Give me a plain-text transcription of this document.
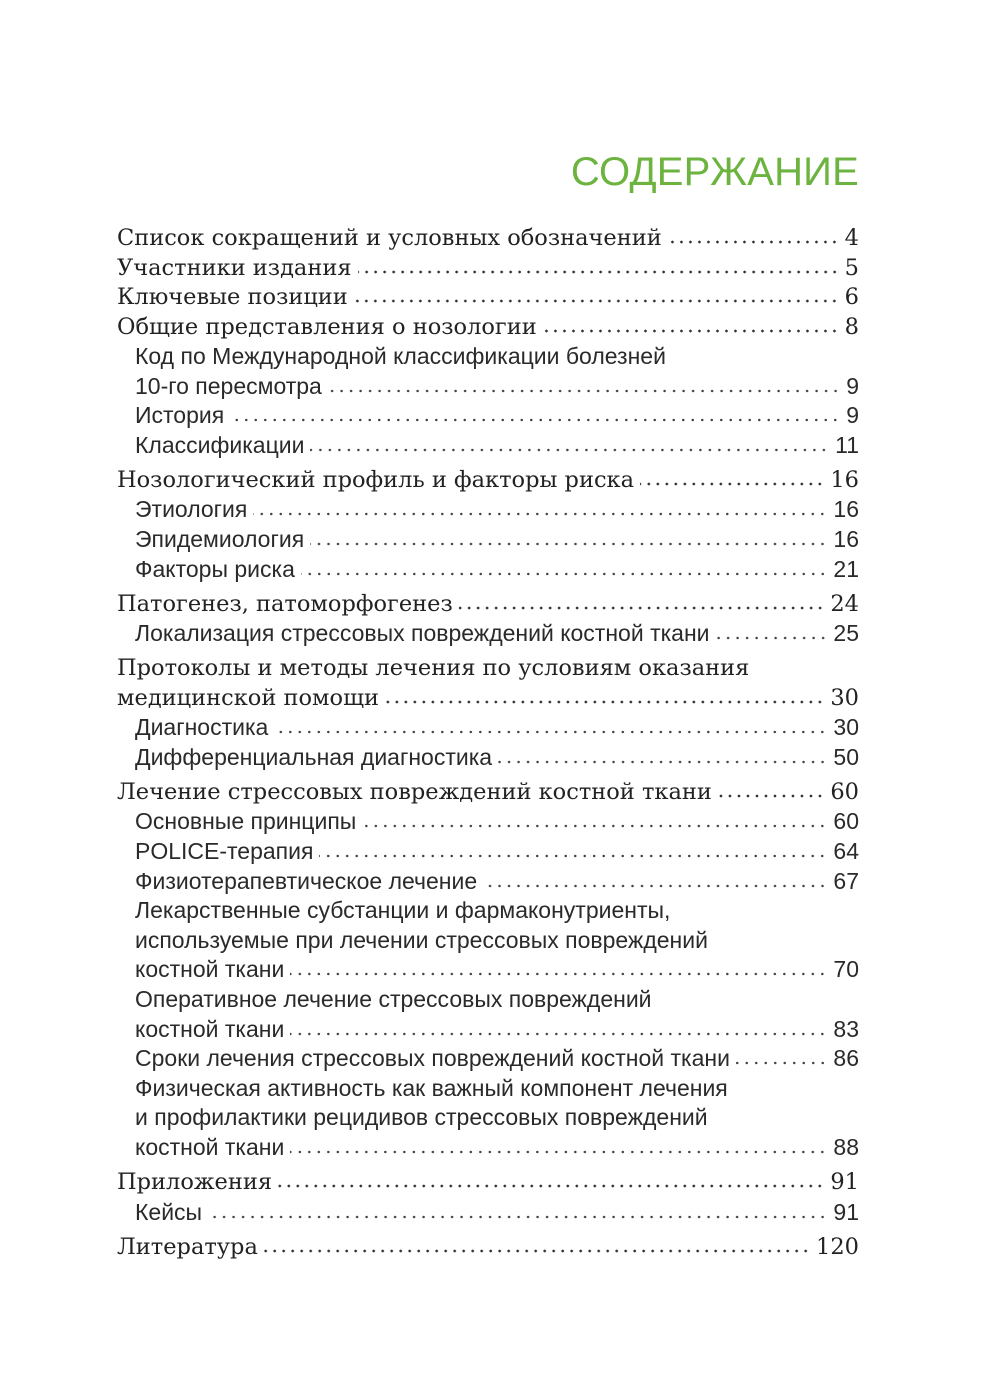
СОДЕРЖАНИЕ
Список сокращений и условных обозначений	4
Участники издания	5
Ключевые позиции	6
Общие представления о нозологии	8
Код по Международной классификации болезней
10-го пересмотра	9
История	9
Классификации	11
Нозологический профиль и факторы риска	16
Этиология	16
Эпидемиология	16
Факторы риска	21
Патогенез, патоморфогенез	24
Локализация стрессовых повреждений костной ткани	25
Протоколы и методы лечения по условиям оказания
медицинской помощи	30
Диагностика	30
Дифференциальная диагностика	50
Лечение стрессовых повреждений костной ткани	60
Основные принципы	60
POLICE-терапия	64
Физиотерапевтическое лечение	67
Лекарственные субстанции и фармаконутриенты,
используемые при лечении стрессовых повреждений
костной ткани	70
Оперативное лечение стрессовых повреждений
костной ткани	83
Сроки лечения стрессовых повреждений костной ткани	86
Физическая активность как важный компонент лечения
и профилактики рецидивов стрессовых повреждений
костной ткани	88
Приложения	91
Кейсы	91
Литература	120
